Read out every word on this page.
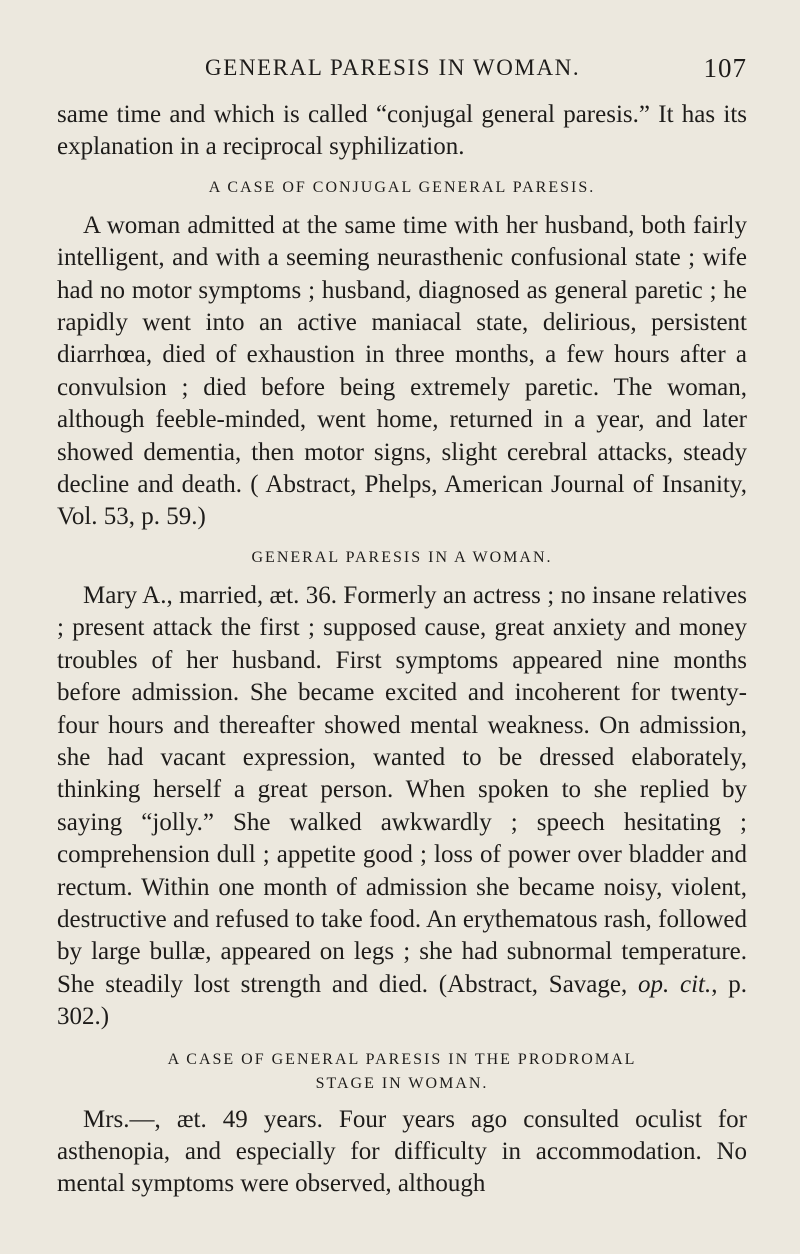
GENERAL PARESIS IN WOMAN.	107

same time and which is called “conjugal general paresis.” It has its explanation in a reciprocal syphilization.

A CASE OF CONJUGAL GENERAL PARESIS.

A woman admitted at the same time with her husband, both fairly intelligent, and with a seeming neurasthenic confusional state ; wife had no motor symptoms ; husband, diagnosed as general paretic ; he rapidly went into an active maniacal state, delirious, persistent diarrhœa, died of exhaustion in three months, a few hours after a convulsion ; died before being extremely paretic. The woman, although feeble-minded, went home, returned in a year, and later showed dementia, then motor signs, slight cerebral attacks, steady decline and death. ( Abstract, Phelps, American Journal of Insanity, Vol. 53, p. 59.)

GENERAL PARESIS IN A WOMAN.

Mary A., married, æt. 36. Formerly an actress ; no insane relatives ; present attack the first ; supposed cause, great anxiety and money troubles of her husband. First symptoms appeared nine months before admission. She became excited and incoherent for twenty-four hours and thereafter showed mental weakness. On admission, she had vacant expression, wanted to be dressed elaborately, thinking herself a great person. When spoken to she replied by saying “jolly.” She walked awkwardly ; speech hesitating ; comprehension dull ; appetite good ; loss of power over bladder and rectum. Within one month of admission she became noisy, violent, destructive and refused to take food. An erythematous rash, followed by large bullæ, appeared on legs ; she had subnormal temperature. She steadily lost strength and died. (Abstract, Savage, op. cit., p. 302.)

A CASE OF GENERAL PARESIS IN THE PRODROMAL
STAGE IN WOMAN.

Mrs.—, æt. 49 years. Four years ago consulted oculist for asthenopia, and especially for difficulty in accommodation. No mental symptoms were observed, although
